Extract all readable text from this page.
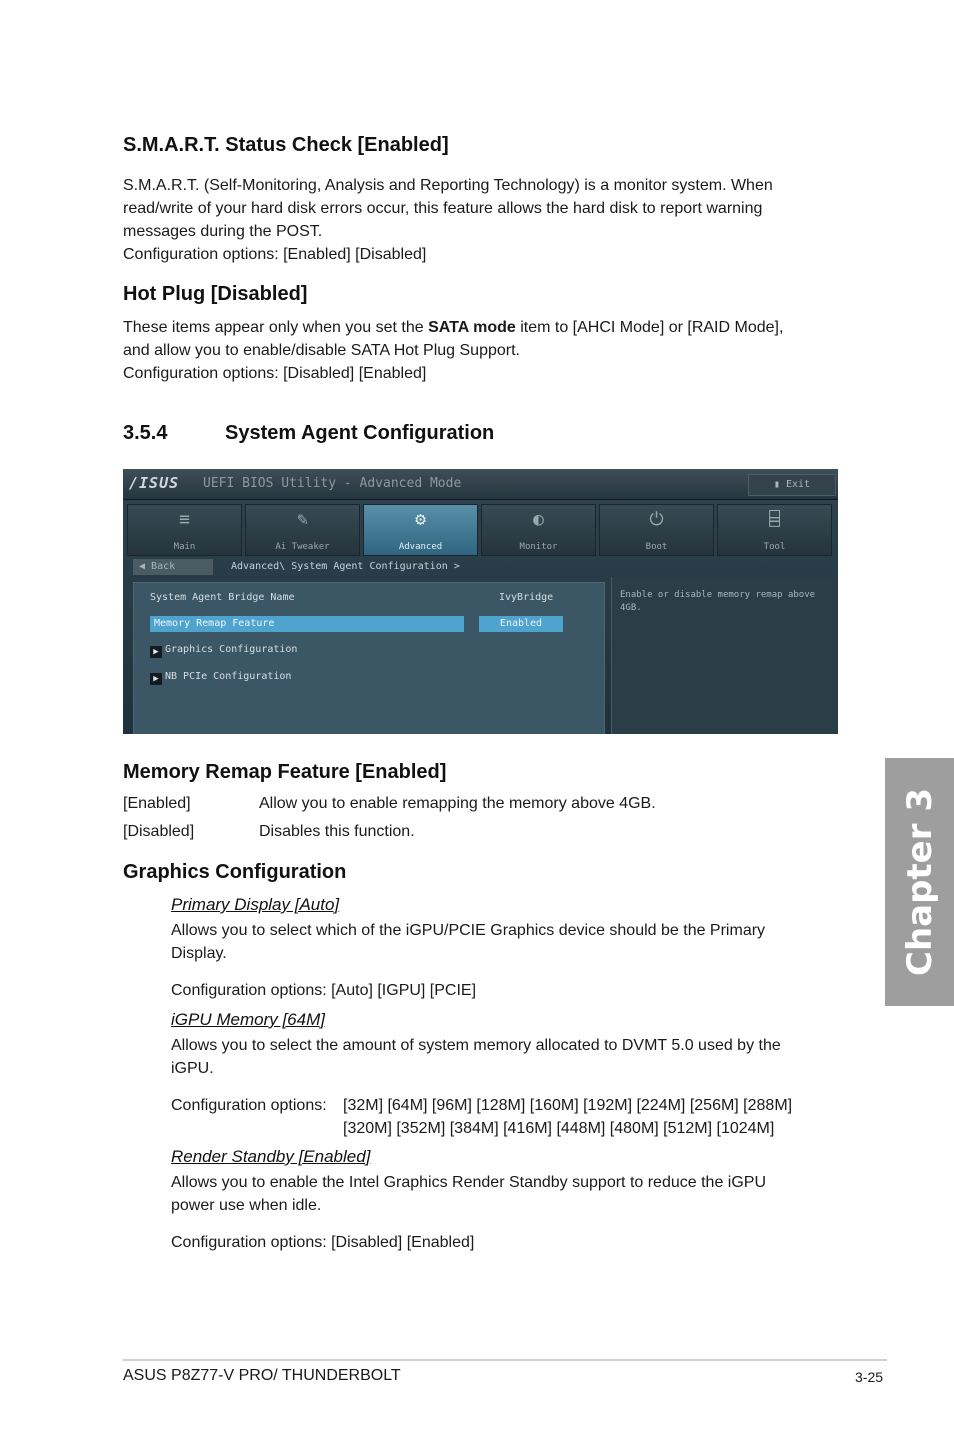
S.M.A.R.T. Status Check [Enabled]

S.M.A.R.T. (Self-Monitoring, Analysis and Reporting Technology) is a monitor system. When

read/write of your hard disk errors occur, this feature allows the hard disk to report warning

messages during the POST.

Configuration options: [Enabled] [Disabled]

Hot Plug [Disabled]

These items appear only when you set the SATA mode item to [AHCI Mode] or [RAID Mode],

and allow you to enable/disable SATA Hot Plug Support.

Configuration options: [Disabled] [Enabled]

3.5.4	System Agent Configuration
/ISUS UEFI BIOS Utility - Advanced Mode	▮ Exit
≡
Main
✎
Ai Tweaker
⚙
Advanced
◐
Monitor
⏻
Boot
⌸
Tool
◀ Back	Advanced\ System Agent Configuration >
System Agent Bridge Name	IvyBridge
Memory Remap Feature	Enabled
▶ Graphics Configuration
▶ NB PCIe Configuration
Enable or disable memory remap above 4GB.
Memory Remap Feature [Enabled]
[Enabled]	Allow you to enable remapping the memory above 4GB.
[Disabled]	Disables this function.
Graphics Configuration
Primary Display [Auto]

Allows you to select which of the iGPU/PCIE Graphics device should be the Primary

Display.

Configuration options: [Auto] [IGPU] [PCIE]

iGPU Memory [64M]

Allows you to select the amount of system memory allocated to DVMT 5.0 used by the

iGPU.

Configuration options: [32M] [64M] [96M] [128M] [160M] [192M] [224M] [256M] [288M]

[320M] [352M] [384M] [416M] [448M] [480M] [512M] [1024M]

Render Standby [Enabled]

Allows you to enable the Intel Graphics Render Standby support to reduce the iGPU

power use when idle.

Configuration options: [Disabled] [Enabled]

Chapter 3
ASUS P8Z77-V PRO/ THUNDERBOLT	3-25
